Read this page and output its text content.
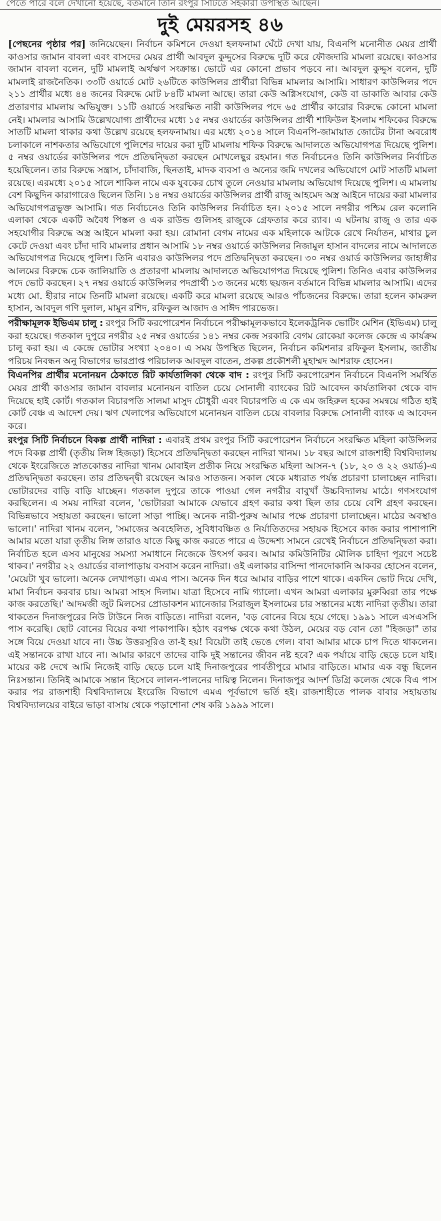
পেতে পারে বলে দেখানো হয়েছে, বর্তমানে তিনি রংপুর সিটিতে সহকারী উপস্থিত আছেন।
দুই মেয়রসহ ৪৬

[পেছনের পৃষ্ঠার পর] জনিয়েছেন। নির্বাচন কমিশনে দেওয়া হলফনামা ঘেঁটে দেখা যায়, বিএনপি মনোনীত মেয়র প্রার্থী কাওসার জামান বাবলা এবং বাসদের মেয়র প্রার্থী আবদুল কুদ্দুসের বিরুদ্ধে দুটি করে ফৌজদারি মামলা রয়েছে। কাওসার জামান বাবলা বলেন, দুটি মামলাই অর্থঋণ সংক্রান্ত। ভোটে এর কোনো প্রভাব পড়বে না। আবদুল কুদ্দুস বলেন, দুটি মামলাই রাজনৈতিক। ৩৩টি ওয়ার্ডে মোট ২৬টিতে কাউন্সিলর প্রার্থীরা বিভিন্ন মামলার আসামি। সাধারণ কাউন্সিলর পদে ২১১ প্রার্থীর মধ্যে ৪৪ জনের বিরুদ্ধে মোট ৮৪টি মামলা আছে। তারা কেউ অগ্নিসংযোগ, কেউ বা ডাকাতি আবার কেউ প্রতারণার মামলায় অভিযুক্ত। ১১টি ওয়ার্ডে সংরক্ষিত নারী কাউন্সিলর পদে ৬৫ প্রার্থীর কারোর বিরুদ্ধে কোনো মামলা নেই। মামলার আসামি উল্লেখযোগ্য প্রার্থীদের মধ্যে ১৫ নম্বর ওয়ার্ডের কাউন্সিলর প্রার্থী শাফিউল ইসলাম শফিকের বিরুদ্ধে সাতটি মামলা থাকার কথা উল্লেখ রয়েছে হলফনামায়। এর মধ্যে ২০১৪ সালে বিএনপি-জামায়াত জোটের টানা অবরোধ চলাকালে নাশকতার অভিযোগে পুলিশের দায়ের করা দুটি মামলায় শফিক বিরুদ্ধে আদালতে অভিযোগপত্র দিয়েছে পুলিশ। ৫ নম্বর ওয়ার্ডের কাউন্সিলর পদে প্রতিদ্বন্দ্বিতা করছেন মোখলেছুর রহমান। গত নির্বাচনেও তিনি কাউন্সিলর নির্বাচিত হয়েছিলেন। তার বিরুদ্ধে সন্ত্রাস, চাঁদাবাজি, ছিনতাই, মাদক ব্যবসা ও অন্যের জমি দখলের অভিযোগে মোট সাতটি মামলা রয়েছে। এরমধ্যে ২০১৫ সালে শাকিল নামে এক যুবকের চোখ তুলে নেওয়ার মামলায় অভিযোগ দিয়েছে পুলিশ। এ মামলায় বেশ কিছুদিন কারাগারেও ছিলেন তিনি। ১৪ নম্বর ওয়ার্ডের কাউন্সিলর প্রার্থী রাজু আহমেদ অস্ত্র আইনে দায়ের করা মামলার অভিযোগপত্রভুক্ত আসামি। গত নির্বাচনেও তিনি কাউন্সিলর নির্বাচিত হন। ২০১৫ সালে নগরীর পশ্চিম রেল কলোনি এলাকা থেকে একটি অবৈধ পিস্তল ও এক রাউন্ড গুলিসহ রাজুকে গ্রেফতার করে র‌্যাব। এ ঘটনায় রাজু ও তার এক সহযোগীর বিরুদ্ধে অস্ত্র আইনে মামলা করা হয়। রোমানা বেগম নামের এক মহিলাকে আটকে রেখে নির্যাতন, মাথার চুল কেটে দেওয়া এবং চাঁদা দাবি মামলার প্রধান আসামি ১৮ নম্বর ওয়ার্ডে কাউন্সিলর নিজামুল হাসান বাদলের নামে আদালতে অভিযোগপত্র দিয়েছে পুলিশ। তিনি এবারও কাউন্সিলর পদে প্রতিদ্বন্দ্বিতা করছেন। ৩০ নম্বর ওয়ার্ড কাউন্সিলর জাহাঙ্গীর আলমের বিরুদ্ধে চেক জালিয়াতি ও প্রতারণা মামলায় আদালতে অভিযোগপত্র দিয়েছে পুলিশ। তিনিও এবার কাউন্সিলর পদে ভোট করছেন। ২৭ নম্বর ওয়ার্ডে কাউন্সিলর পদপ্রার্থী ১৩ জনের মধ্যে ছয়জন বর্তমানে বিভিন্ন মামলার আসামি। এদের মধ্যে মো. হীরার নামে তিনটি মামলা রয়েছে। একটি করে মামলা রয়েছে আরও পাঁচজনের বিরুদ্ধে। তারা হলেন কামরুল হাসান, আবদুল গণি দুলাল, মামুন রশিদ, রফিকুল আজাদ ও সাঈদ পারভেজ।

পরীক্ষামূলক ইভিএম চালু : রংপুর সিটি করপোরেশন নির্বাচনে পরীক্ষামূলকভাবে ইলেকট্রনিক ভোটিং মেশিন (ইভিএম) চালু করা হয়েছে। গতকাল দুপুরে নগরীর ২৫ নম্বর ওয়ার্ডের ১৪১ নম্বর কেন্দ্র সরকারি বেগম রোকেয়া কলেজ কেন্দ্রে এ কার্যক্রম চালু করা হয়। এ কেন্দ্রে ভোটার সংখ্যা ২০৪০। এ সময় উপস্থিত ছিলেন, নির্বাচন কমিশনার রফিকুল ইসলাম, জাতীয় পরিচয় নিবন্ধন অনু বিভাগের ভারপ্রাপ্ত পরিচালক আবদুল বাতেন, প্রকল্প প্রকৌশলী মুহাম্মদ আশরাফ হোসেন।

বিএনপির প্রার্থীর মনোনয়ন ঠেকাতে রিট কার্যতালিকা থেকে বাদ : রংপুর সিটি করপোরেশন নির্বাচনে বিএনপি সমর্থিত মেয়র প্রার্থী কাওসার জামান বাবলার মনোনয়ন বাতিল চেয়ে সোনালী ব্যাংকের রিট আবেদন কার্যতালিকা থেকে বাদ দিয়েছে হাই কোর্ট। গতকাল বিচারপতি সালমা মাসুদ চৌধুরী এবং বিচারপতি এ কে এম জহিরুল হকের সমন্বয়ে গঠিত হাই কোর্ট বেঞ্চ এ আদেশ দেয়। ঋণ খেলাপের অভিযোগে মনোনয়ন বাতিল চেয়ে বাবলার বিরুদ্ধে সোনালী ব্যাংক এ আবেদন করে।

রংপুর সিটি নির্বাচনে বিকল্প প্রার্থী নাদিরা : এবারই প্রথম রংপুর সিটি করপোরেশন নির্বাচনে সংরক্ষিত মহিলা কাউন্সিলর পদে বিকল্প প্রার্থী (তৃতীয় লিঙ্গ হিজড়া) হিসেবে প্রতিদ্বন্দ্বিতা করছেন নাদিরা খানম। ১৮ বছর আগে রাজশাহী বিশ্ববিদ্যালয় থেকে ইংরেজিতে স্নাতকোত্তর নাদিরা খানম মোবাইল প্রতীক নিয়ে সংরক্ষিত মহিলা আসন-৭ (১৮, ২০ ও ২২ ওয়ার্ড)-এ প্রতিদ্বন্দ্বিতা করছেন। তার প্রতিদ্বন্দ্বী রয়েছেন আরও সাতজন। সকাল থেকে মধ্যরাত পর্যন্ত প্রচারণা চালাচ্ছেন নাদিরা। ভোটারদের বাড়ি বাড়ি যাচ্ছেন। গতকাল দুপুরে তাকে পাওয়া গেল নগরীর বাবুখাঁ উচ্চবিদ্যালয় মাঠে। গণসংযোগ করছিলেন। এ সময় নাদিরা বলেন, 'ভোটাররা আমাকে যেভাবে গ্রহণ করার কথা ছিল তার চেয়ে বেশি গ্রহণ করছেন। বিভিন্নভাবে সহায়তা করছেন। ভালো সাড়া পাচ্ছি। অনেক নারী-পুরুষ আমার পক্ষে প্রচারণা চালাচ্ছেন। মাঠের অবস্থাও ভালো।' নাদিরা খানম বলেন, 'সমাজের অবহেলিত, সুবিধাবঞ্চিত ও নির্যাতিতদের সহায়ক হিসেবে কাজ করার পাশাপাশি আমার মতো যারা তৃতীয় লিঙ্গ তারাও যাতে কিছু কাজ করতে পারে এ উদ্দেশ্য সামনে রেখেই নির্বাচনে প্রতিদ্বন্দ্বিতা করা। নির্বাচিত হলে এসব মানুষের সমস্যা সমাধানে নিজেকে উৎসর্গ করব। আমার কমিউনিটির মৌলিক চাহিদা পূরণে সচেষ্ট থাকব।' নগরীর ২২ ওয়ার্ডের বালাপাড়ায় বসবাস করেন নাদিরা। ওই এলাকার বাসিন্দা পানদোকানি আকবর হোসেন বলেন, 'মেয়েটা খুব ভালো। অনেক লেখাপড়া। এমএ পাস। অনেক দিন ধরে আমার বাড়ির পাশে থাকে। একদিন ভোট দিয়ে দেখি, মামা নির্বাচন করবার চায়। আমরা সাহস দিলাম। যাত্রা হিসেবে নামি গ্যালো। এখন আমরা এলাকার মুরুব্বিরা তার পক্ষে কাজ করতেছি।' আদমজী জুট মিলসের প্রোডাকশন ম্যানেজার সিরাজুল ইসলামের চার সন্তানের মধ্যে নাদিরা তৃতীয়। তারা থাকতেন দিনাজপুরের নিউ টাউনে নিজ বাড়িতে। নাদিরা বলেন, 'বড় বোনের বিয়ে হয়ে গেছে। ১৯৯১ সালে এসএসসি পাস করেছি। ছোট বোনের বিয়ের কথা পাকাপাকি। হঠাৎ বরপক্ষ থেকে কথা উঠল, মেয়ের বড় বোন তো "হিজড়া" তার সঙ্গে বিয়ে দেওয়া যাবে না। উচ্চ উত্তরসূরিও তা-ই হয়! বিয়েটা তাই ভেঙে গেল। বাবা আমার মাকে চাপ দিতে থাকলেন। এই সন্তানকে রাখা যাবে না। আমার কারণে তাদের বাকি দুই সন্তানের জীবন নষ্ট হবে? এক পর্যায়ে বাড়ি ছেড়ে চলে যাই। মায়ের কষ্ট দেখে আমি নিজেই বাড়ি ছেড়ে চলে যাই দিনাজপুরের পার্বতীপুরে মামার বাড়িতে। মামার এক বন্ধু ছিলেন নিঃসন্তান। তিনিই আমাকে সন্তান হিসেবে লালন-পালনের দায়িত্ব নিলেন। দিনাজপুর আদর্শ ডিগ্রি কলেজ থেকে বিএ পাস করার পর রাজশাহী বিশ্ববিদ্যালয়ে ইংরেজি বিভাগে এমএ পূর্বভাগে ভর্তি হই। রাজশাহীতে পালক বাবার সহায়তায় বিশ্ববিদ্যালয়ের বাইরে ভাড়া বাসায় থেকে পড়াশোনা শেষ করি ১৯৯৯ সালে।
